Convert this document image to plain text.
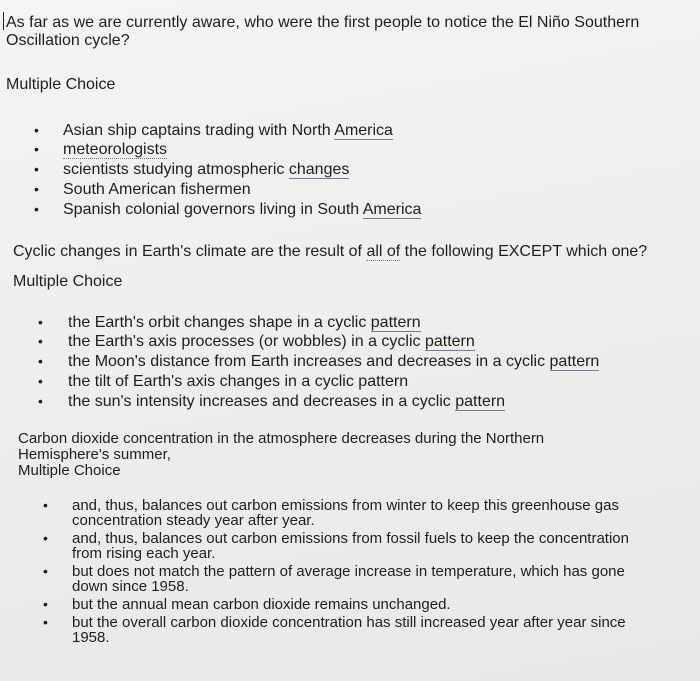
As far as we are currently aware, who were the first people to notice the El Niño Southern
Oscillation cycle?

Multiple Choice

• Asian ship captains trading with North America
• meteorologists
• scientists studying atmospheric changes
• South American fishermen
• Spanish colonial governors living in South America

Cyclic changes in Earth's climate are the result of all of the following EXCEPT which one?

Multiple Choice

• the Earth's orbit changes shape in a cyclic pattern
• the Earth's axis processes (or wobbles) in a cyclic pattern
• the Moon's distance from Earth increases and decreases in a cyclic pattern
• the tilt of Earth's axis changes in a cyclic pattern
• the sun's intensity increases and decreases in a cyclic pattern

Carbon dioxide concentration in the atmosphere decreases during the Northern
Hemisphere's summer,

Multiple Choice

• and, thus, balances out carbon emissions from winter to keep this greenhouse gas
concentration steady year after year.
• and, thus, balances out carbon emissions from fossil fuels to keep the concentration
from rising each year.
• but does not match the pattern of average increase in temperature, which has gone
down since 1958.
• but the annual mean carbon dioxide remains unchanged.
• but the overall carbon dioxide concentration has still increased year after year since
1958.
